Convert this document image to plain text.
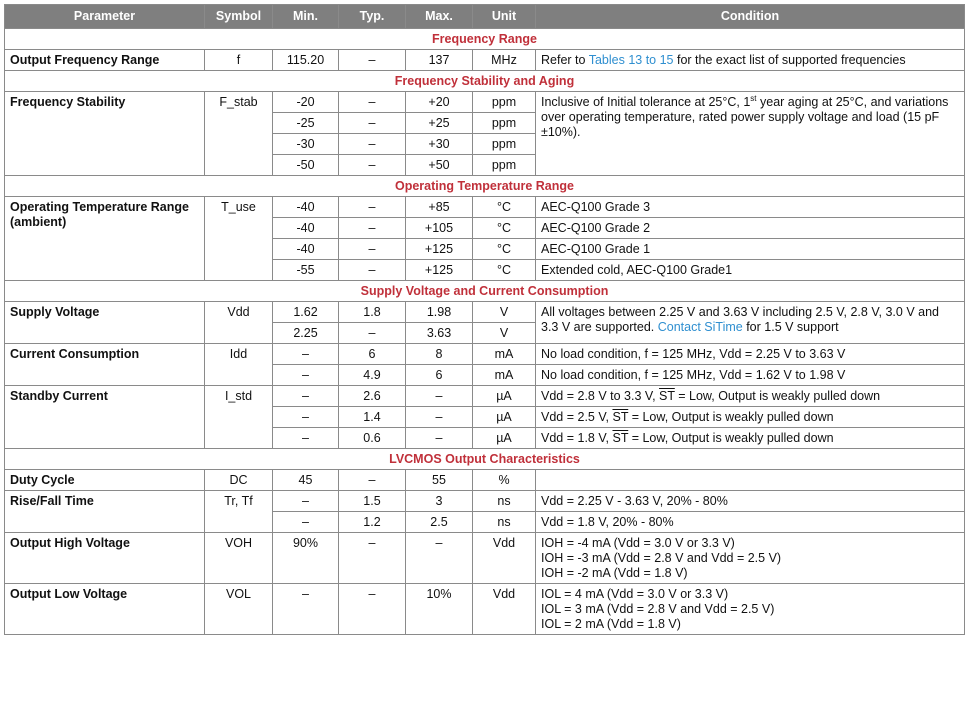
Parameter	Symbol	Min.	Typ.	Max.	Unit	Condition
Frequency Range						
Output Frequency Range	f	115.20	–	137	MHz	Refer to Tables 13 to 15 for the exact list of supported frequencies
Frequency Stability and Aging						
Frequency Stability	F_stab	-20	–	+20	ppm	Inclusive of Initial tolerance at 25°C, 1st year aging at 25°C, and variations over operating temperature, rated power supply voltage and load (15 pF ±10%).
		-25	–	+25	ppm	
		-30	–	+30	ppm	
		-50	–	+50	ppm	
Operating Temperature Range						
Operating Temperature Range (ambient)	T_use	-40	–	+85	°C	AEC-Q100 Grade 3
		-40	–	+105	°C	AEC-Q100 Grade 2
		-40	–	+125	°C	AEC-Q100 Grade 1
		-55	–	+125	°C	Extended cold, AEC-Q100 Grade1
Supply Voltage and Current Consumption						
Supply Voltage	Vdd	1.62	1.8	1.98	V	All voltages between 2.25 V and 3.63 V including 2.5 V, 2.8 V, 3.0 V and 3.3 V are supported. Contact SiTime for 1.5 V support
		2.25	–	3.63	V	
Current Consumption	Idd	–	6	8	mA	No load condition, f = 125 MHz, Vdd = 2.25 V to 3.63 V
		–	4.9	6	mA	No load condition, f = 125 MHz, Vdd = 1.62 V to 1.98 V
Standby Current	I_std	–	2.6	–	µA	Vdd = 2.8 V to 3.3 V, $\overline{ST}$ = Low, Output is weakly pulled down
		–	1.4	–	µA	Vdd = 2.5 V, $\overline{ST}$ = Low, Output is weakly pulled down
		–	0.6	–	µA	Vdd = 1.8 V, $\overline{ST}$ = Low, Output is weakly pulled down
LVCMOS Output Characteristics						
Duty Cycle	DC	45	–	55	%	
Rise/Fall Time	Tr, Tf	–	1.5	3	ns	Vdd = 2.25 V - 3.63 V, 20% - 80%
		–	1.2	2.5	ns	Vdd = 1.8 V, 20% - 80%
Output High Voltage	VOH	90%	–	–	Vdd	IOH = -4 mA (Vdd = 3.0 V or 3.3 V)
IOH = -3 mA (Vdd = 2.8 V and Vdd = 2.5 V)
IOH = -2 mA (Vdd = 1.8 V)

Output Low Voltage	VOL	–	–	10%	Vdd	IOL = 4 mA (Vdd = 3.0 V or 3.3 V)
IOL = 3 mA (Vdd = 2.8 V and Vdd = 2.5 V)
IOL = 2 mA (Vdd = 1.8 V)
